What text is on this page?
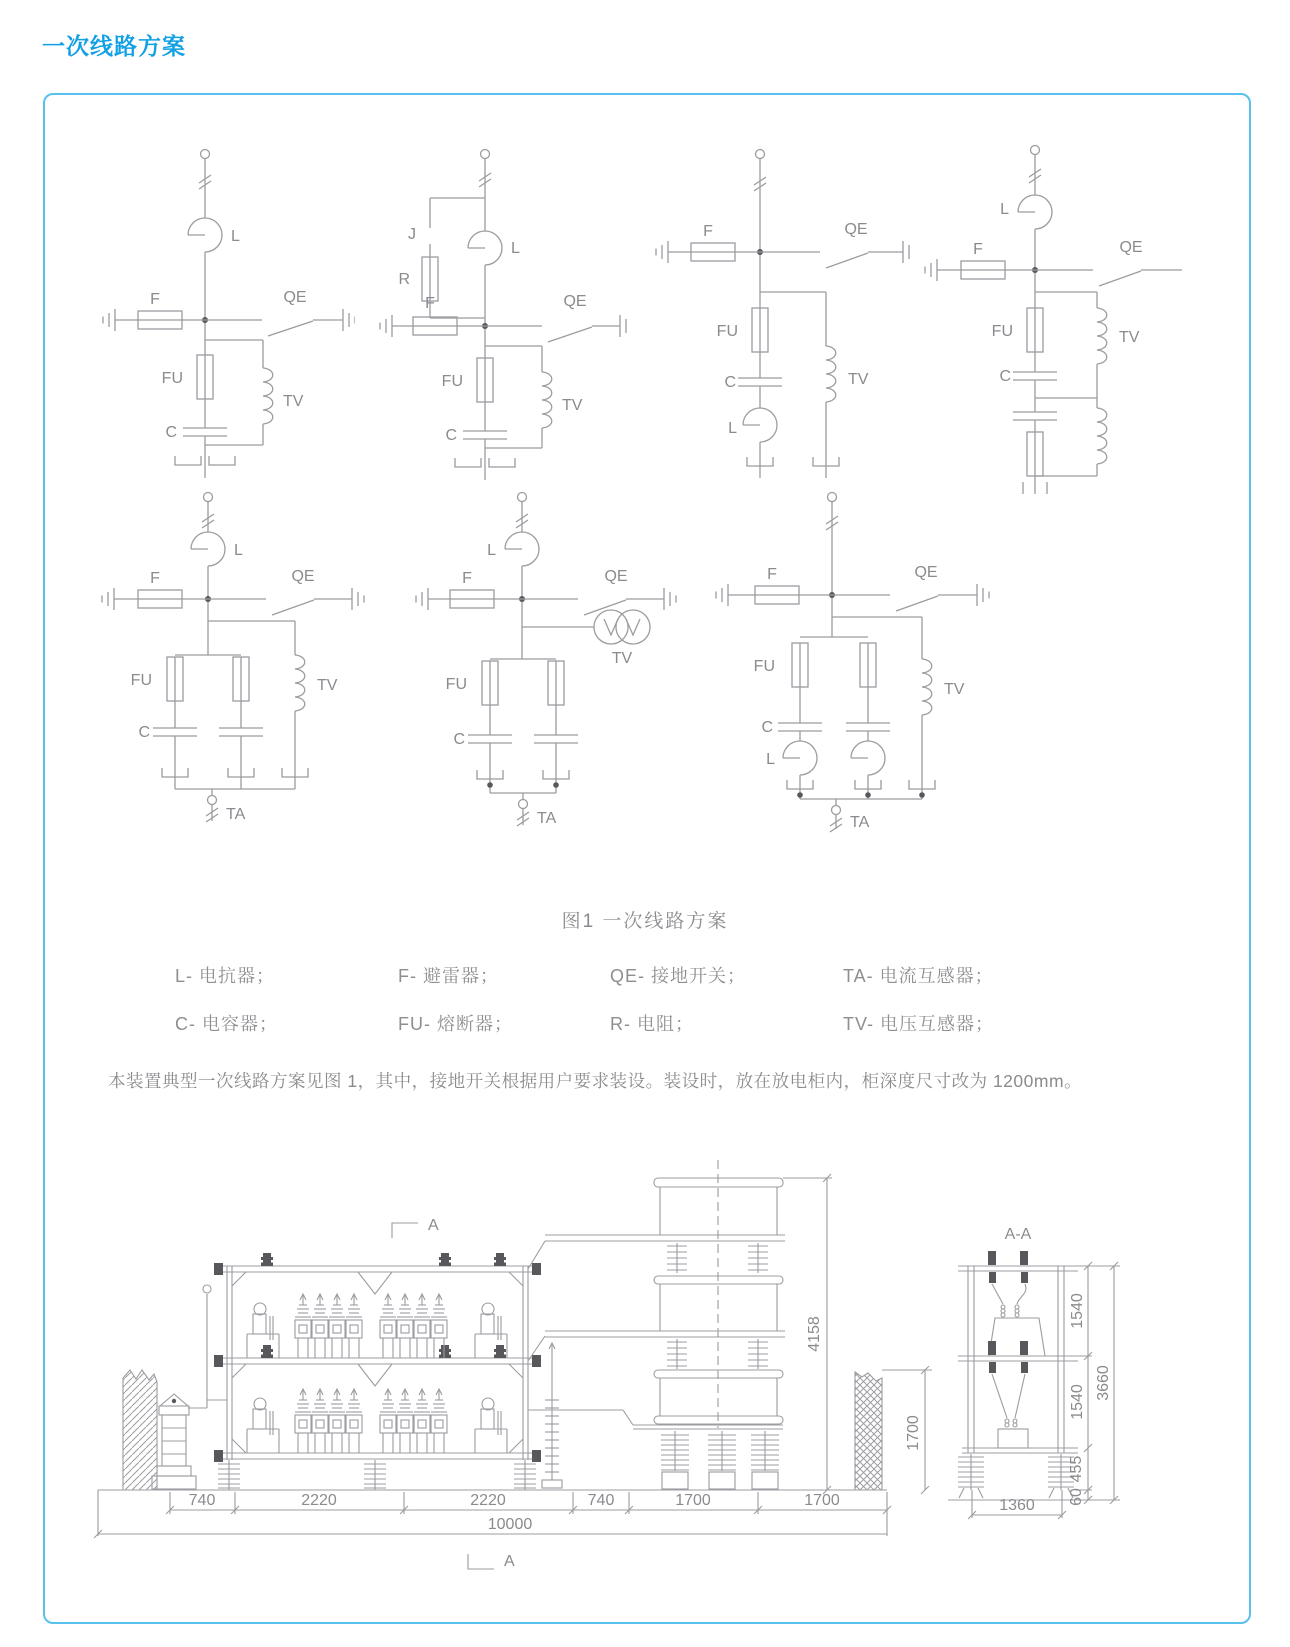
一次线路方案
L
F	QE
TV
FU
C
J
R
L
F	QE
TV
FU
C
F	QE
TV
FU
C
L
L
F	QE
TV
FU
C
L
F	QE
TV
FU
C
TA
L
F	QE
TV
FU
C
TA
F	QE
TV
FU
C
L
TA
图1 一次线路方案
L- 电抗器；	F- 避雷器；	QE- 接地开关；	TA- 电流互感器；
C- 电容器；	FU- 熔断器；	R- 电阻；	TV- 电压互感器；
本装置典型一次线路方案见图 1，其中，接地开关根据用户要求装设。装设时，放在放电柜内，柜深度尺寸改为 1200mm。
A
A
4158
1700
740	2220	2220	740	1700	1700
10000
A-A
1360
1540
1540
455
60
3660
